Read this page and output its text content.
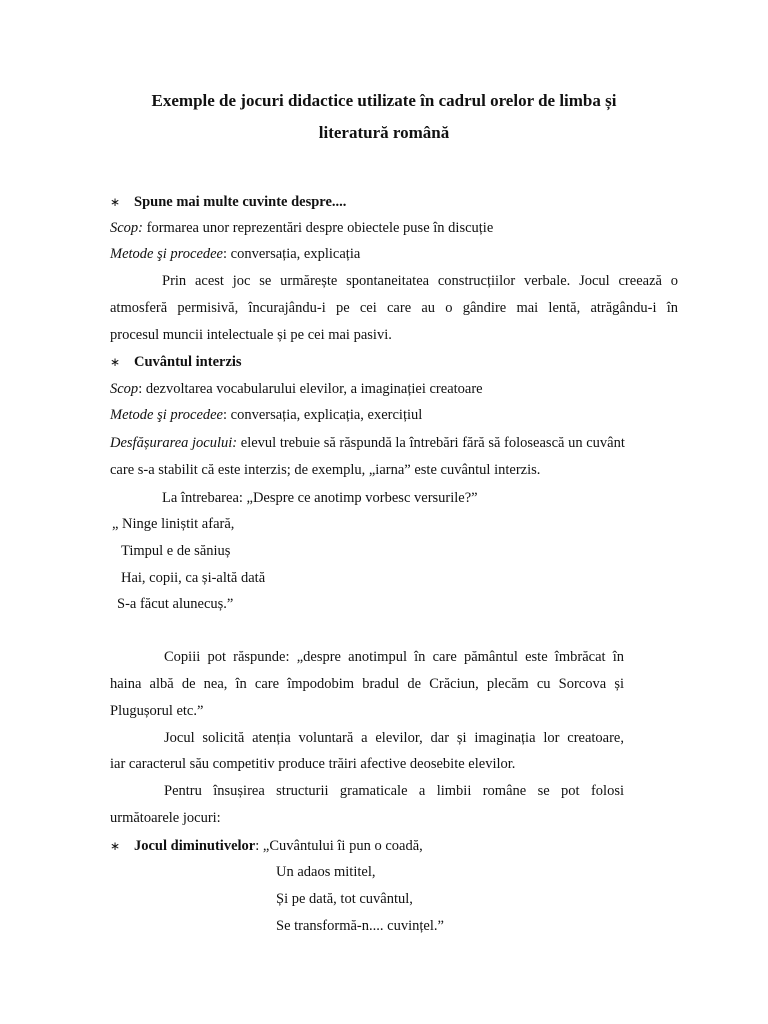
Exemple de jocuri didactice utilizate în cadrul orelor de limba și
literatură română
∗ Spune mai multe cuvinte despre....
Scop: formarea unor reprezentări despre obiectele puse în discuție
Metode şi procedee: conversația, explicația
Prin acest joc se urmărește spontaneitatea construcțiilor verbale. Jocul creează o
atmosferă permisivă, încurajându-i pe cei care au o gândire mai lentă, atrăgându-i în
procesul muncii intelectuale și pe cei mai pasivi.
∗ Cuvântul interzis
Scop: dezvoltarea vocabularului elevilor, a imaginației creatoare
Metode şi procedee: conversația, explicația, exercițiul
Desfășurarea jocului: elevul trebuie să răspundă la întrebări fără să folosească un cuvânt
care s-a stabilit că este interzis; de exemplu, „iarna” este cuvântul interzis.
La întrebarea: „Despre ce anotimp vorbesc versurile?”
„ Ninge liniștit afară,
Timpul e de săniuș
Hai, copii, ca și-altă dată
S-a făcut alunecuș.”
Copiii pot răspunde: „despre anotimpul în care pământul este îmbrăcat în
haina albă de nea, în care împodobim bradul de Crăciun, plecăm cu Sorcova și
Plugușorul etc.”
Jocul solicită atenția voluntară a elevilor, dar și imaginația lor creatoare,
iar caracterul său competitiv produce trăiri afective deosebite elevilor.
Pentru însușirea structurii gramaticale a limbii române se pot folosi
următoarele jocuri:
∗ Jocul diminutivelor: „Cuvântului îi pun o coadă,
Un adaos mititel,
Și pe dată, tot cuvântul,
Se transformă-n.... cuvințel.”
